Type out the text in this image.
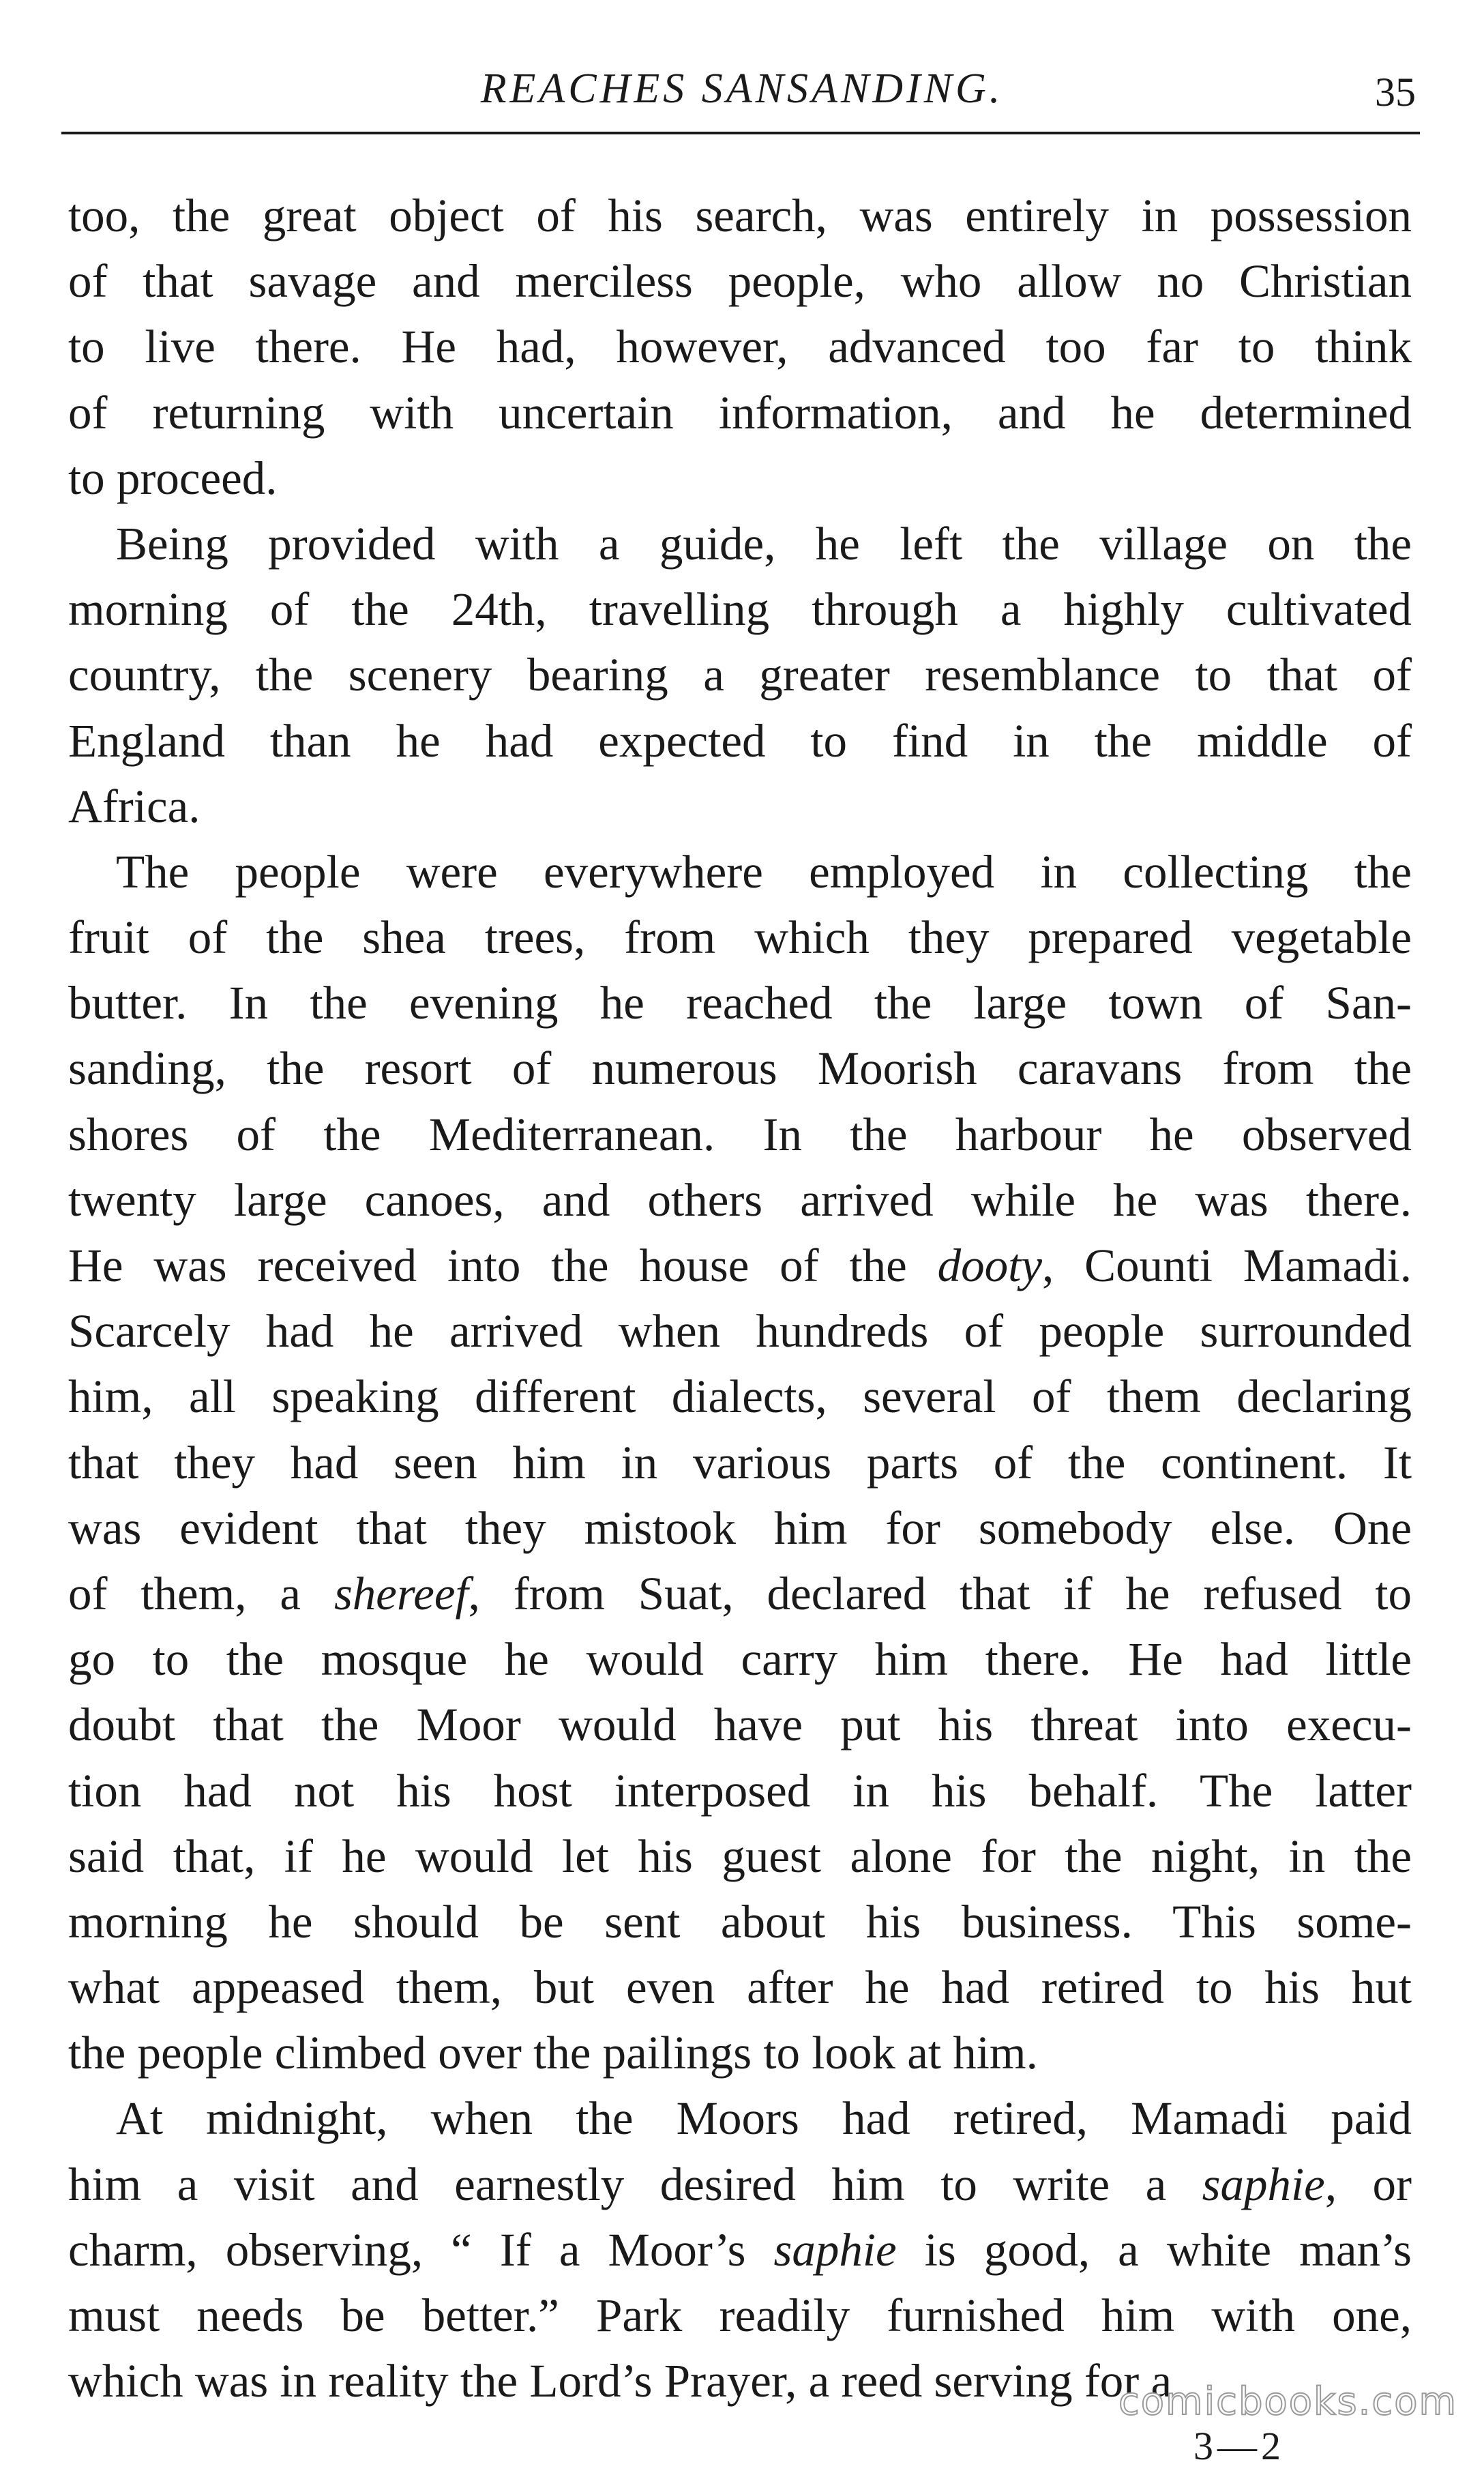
REACHES SANSANDING.	35
too, the great object of his search, was entirely in possession
of that savage and merciless people, who allow no Christian
to live there. He had, however, advanced too far to think
of returning with uncertain information, and he determined
to proceed.
Being provided with a guide, he left the village on the
morning of the 24th, travelling through a highly cultivated
country, the scenery bearing a greater resemblance to that of
England than he had expected to find in the middle of
Africa.
The people were everywhere employed in collecting the
fruit of the shea trees, from which they prepared vegetable
butter. In the evening he reached the large town of San-
sanding, the resort of numerous Moorish caravans from the
shores of the Mediterranean. In the harbour he observed
twenty large canoes, and others arrived while he was there.
He was received into the house of the dooty, Counti Mamadi.
Scarcely had he arrived when hundreds of people surrounded
him, all speaking different dialects, several of them declaring
that they had seen him in various parts of the continent. It
was evident that they mistook him for somebody else. One
of them, a shereef, from Suat, declared that if he refused to
go to the mosque he would carry him there. He had little
doubt that the Moor would have put his threat into execu-
tion had not his host interposed in his behalf. The latter
said that, if he would let his guest alone for the night, in the
morning he should be sent about his business. This some-
what appeased them, but even after he had retired to his hut
the people climbed over the pailings to look at him.
At midnight, when the Moors had retired, Mamadi paid
him a visit and earnestly desired him to write a saphie, or
charm, observing, “ If a Moor’s saphie is good, a white man’s
must needs be better.” Park readily furnished him with one,
which was in reality the Lord’s Prayer, a reed serving for a
comicbooks.com
3—2
